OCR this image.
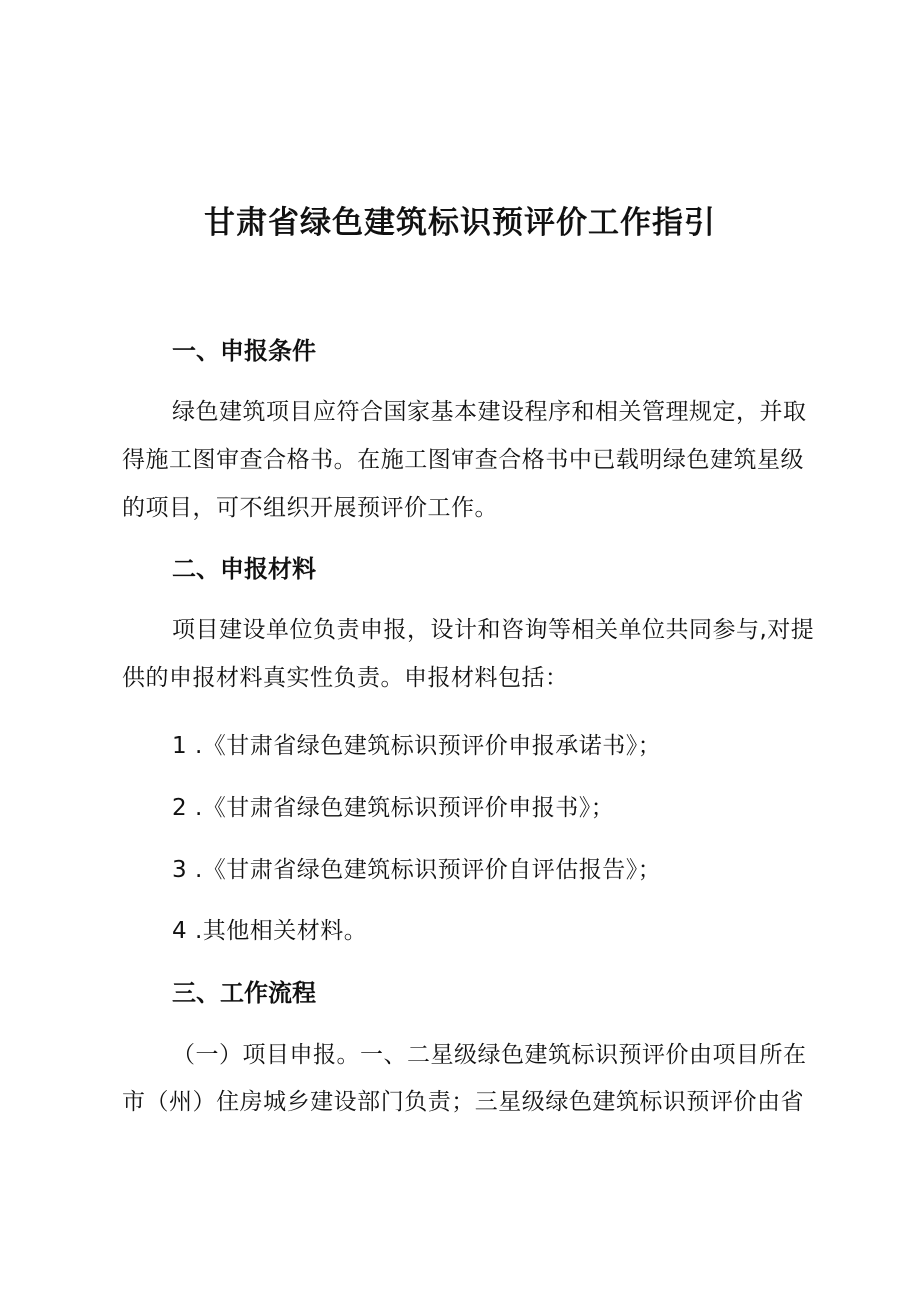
甘肃省绿色建筑标识预评价工作指引
一、申报条件

绿色建筑项目应符合国家基本建设程序和相关管理规定，并取

得施工图审查合格书。在施工图审查合格书中已载明绿色建筑星级

的项目，可不组织开展预评价工作。

二、申报材料

项目建设单位负责申报，设计和咨询等相关单位共同参与,对提

供的申报材料真实性负责。申报材料包括：

1 .《甘肃省绿色建筑标识预评价申报承诺书》；

2 .《甘肃省绿色建筑标识预评价申报书》；

3 .《甘肃省绿色建筑标识预评价自评估报告》；

4 .其他相关材料。

三、工作流程

（一）项目申报。一、二星级绿色建筑标识预评价由项目所在

市（州）住房城乡建设部门负责；三星级绿色建筑标识预评价由省
